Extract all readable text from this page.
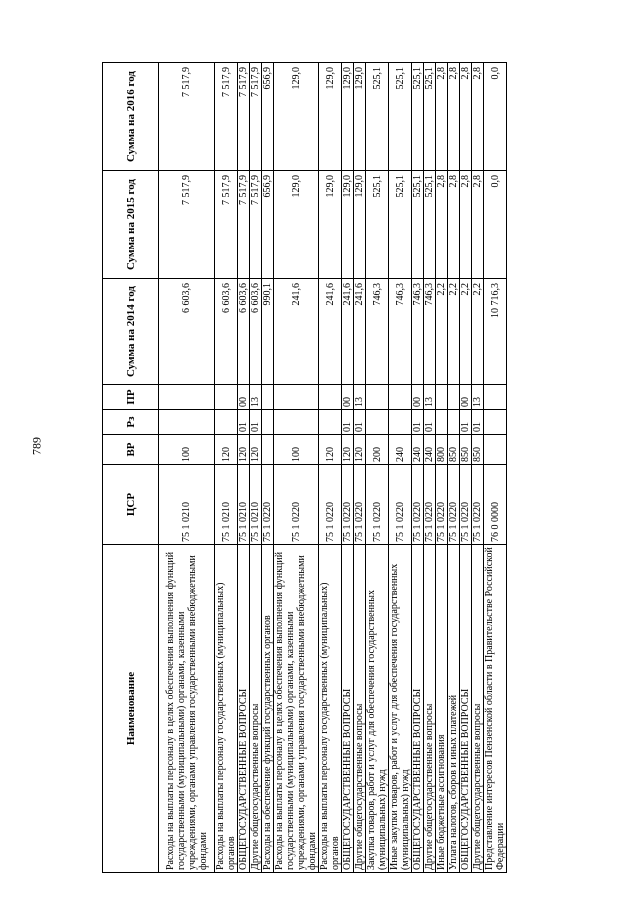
789
Наименование	ЦСР	ВР	Рз	ПР	Сумма на 2014 год	Сумма на 2015 год	Сумма на 2016 год
Расходы на выплаты персоналу в целях обеспечения выполнения функций государственными (муниципальными) органами, казенными учреждениями, органами управления государственными внебюджетными фондами	75 1 0210	100			6 603,6	7 517,9	7 517,9
Расходы на выплаты персоналу государственных (муниципальных) органов	75 1 0210	120			6 603,6	7 517,9	7 517,9
ОБЩЕГОСУДАРСТВЕННЫЕ ВОПРОСЫ	75 1 0210	120	01	00	6 603,6	7 517,9	7 517,9
Другие общегосударственные вопросы	75 1 0210	120	01	13	6 603,6	7 517,9	7 517,9
Расходы на обеспечение функций государственных органов	75 1 0220				990,1	656,9	656,9
Расходы на выплаты персоналу в целях обеспечения выполнения функций государственными (муниципальными) органами, казенными учреждениями, органами управления государственными внебюджетными фондами	75 1 0220	100			241,6	129,0	129,0
Расходы на выплаты персоналу государственных (муниципальных) органов	75 1 0220	120			241,6	129,0	129,0
ОБЩЕГОСУДАРСТВЕННЫЕ ВОПРОСЫ	75 1 0220	120	01	00	241,6	129,0	129,0
Другие общегосударственные вопросы	75 1 0220	120	01	13	241,6	129,0	129,0
Закупка товаров, работ и услуг для обеспечения государственных (муниципальных) нужд	75 1 0220	200			746,3	525,1	525,1
Иные закупки товаров, работ и услуг для обеспечения государственных (муниципальных) нужд	75 1 0220	240			746,3	525,1	525,1
ОБЩЕГОСУДАРСТВЕННЫЕ ВОПРОСЫ	75 1 0220	240	01	00	746,3	525,1	525,1
Другие общегосударственные вопросы	75 1 0220	240	01	13	746,3	525,1	525,1
Иные бюджетные ассигнования	75 1 0220	800			2,2	2,8	2,8
Уплата налогов, сборов и иных платежей	75 1 0220	850			2,2	2,8	2,8
ОБЩЕГОСУДАРСТВЕННЫЕ ВОПРОСЫ	75 1 0220	850	01	00	2,2	2,8	2,8
Другие общегосударственные вопросы	75 1 0220	850	01	13	2,2	2,8	2,8
Представление интересов Пензенской области в Правительстве Российской Федерации	76 0 0000				10 716,3	0,0	0,0
